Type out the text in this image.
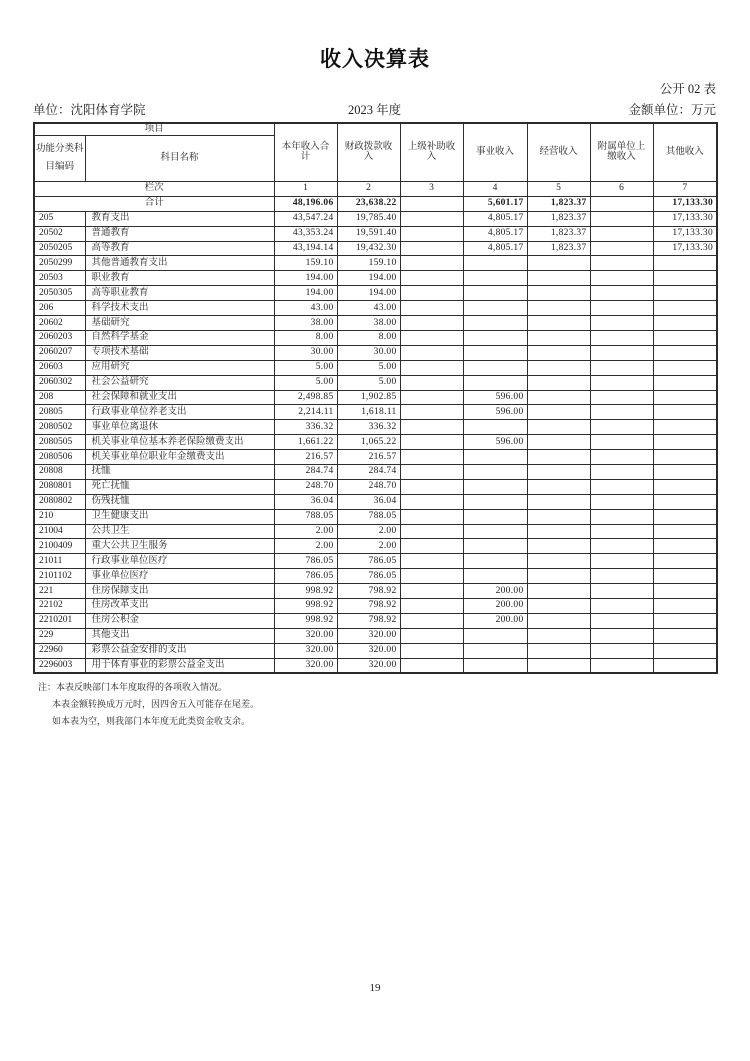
收入决算表
公开 02 表
单位：沈阳体育学院	2023 年度	金额单位：万元
项目		本年收入合计	财政拨款收入	上级补助收入	事业收入	经营收入	附属单位上缴收入	其他收入
功能分类科目编码	科目名称							
栏次		1	2	3	4	5	6	7
合计		48,196.06	23,638.22		5,601.17	1,823.37		17,133.30
205	教育支出	43,547.24	19,785.40		4,805.17	1,823.37		17,133.30
20502	普通教育	43,353.24	19,591.40		4,805.17	1,823.37		17,133.30
2050205	高等教育	43,194.14	19,432.30		4,805.17	1,823.37		17,133.30
2050299	其他普通教育支出	159.10	159.10					
20503	职业教育	194.00	194.00					
2050305	高等职业教育	194.00	194.00					
206	科学技术支出	43.00	43.00					
20602	基础研究	38.00	38.00					
2060203	自然科学基金	8.00	8.00					
2060207	专项技术基础	30.00	30.00					
20603	应用研究	5.00	5.00					
2060302	社会公益研究	5.00	5.00					
208	社会保障和就业支出	2,498.85	1,902.85		596.00			
20805	行政事业单位养老支出	2,214.11	1,618.11		596.00			
2080502	事业单位离退休	336.32	336.32					
2080505	机关事业单位基本养老保险缴费支出	1,661.22	1,065.22		596.00			
2080506	机关事业单位职业年金缴费支出	216.57	216.57					
20808	抚恤	284.74	284.74					
2080801	死亡抚恤	248.70	248.70					
2080802	伤残抚恤	36.04	36.04					
210	卫生健康支出	788.05	788.05					
21004	公共卫生	2.00	2.00					
2100409	重大公共卫生服务	2.00	2.00					
21011	行政事业单位医疗	786.05	786.05					
2101102	事业单位医疗	786.05	786.05					
221	住房保障支出	998.92	798.92		200.00			
22102	住房改革支出	998.92	798.92		200.00			
2210201	住房公积金	998.92	798.92		200.00			
229	其他支出	320.00	320.00					
22960	彩票公益金安排的支出	320.00	320.00					
2296003	用于体育事业的彩票公益金支出	320.00	320.00					
注：本表反映部门本年度取得的各项收入情况。
本表金额转换成万元时，因四舍五入可能存在尾差。
如本表为空，则我部门本年度无此类资金收支余。
19
